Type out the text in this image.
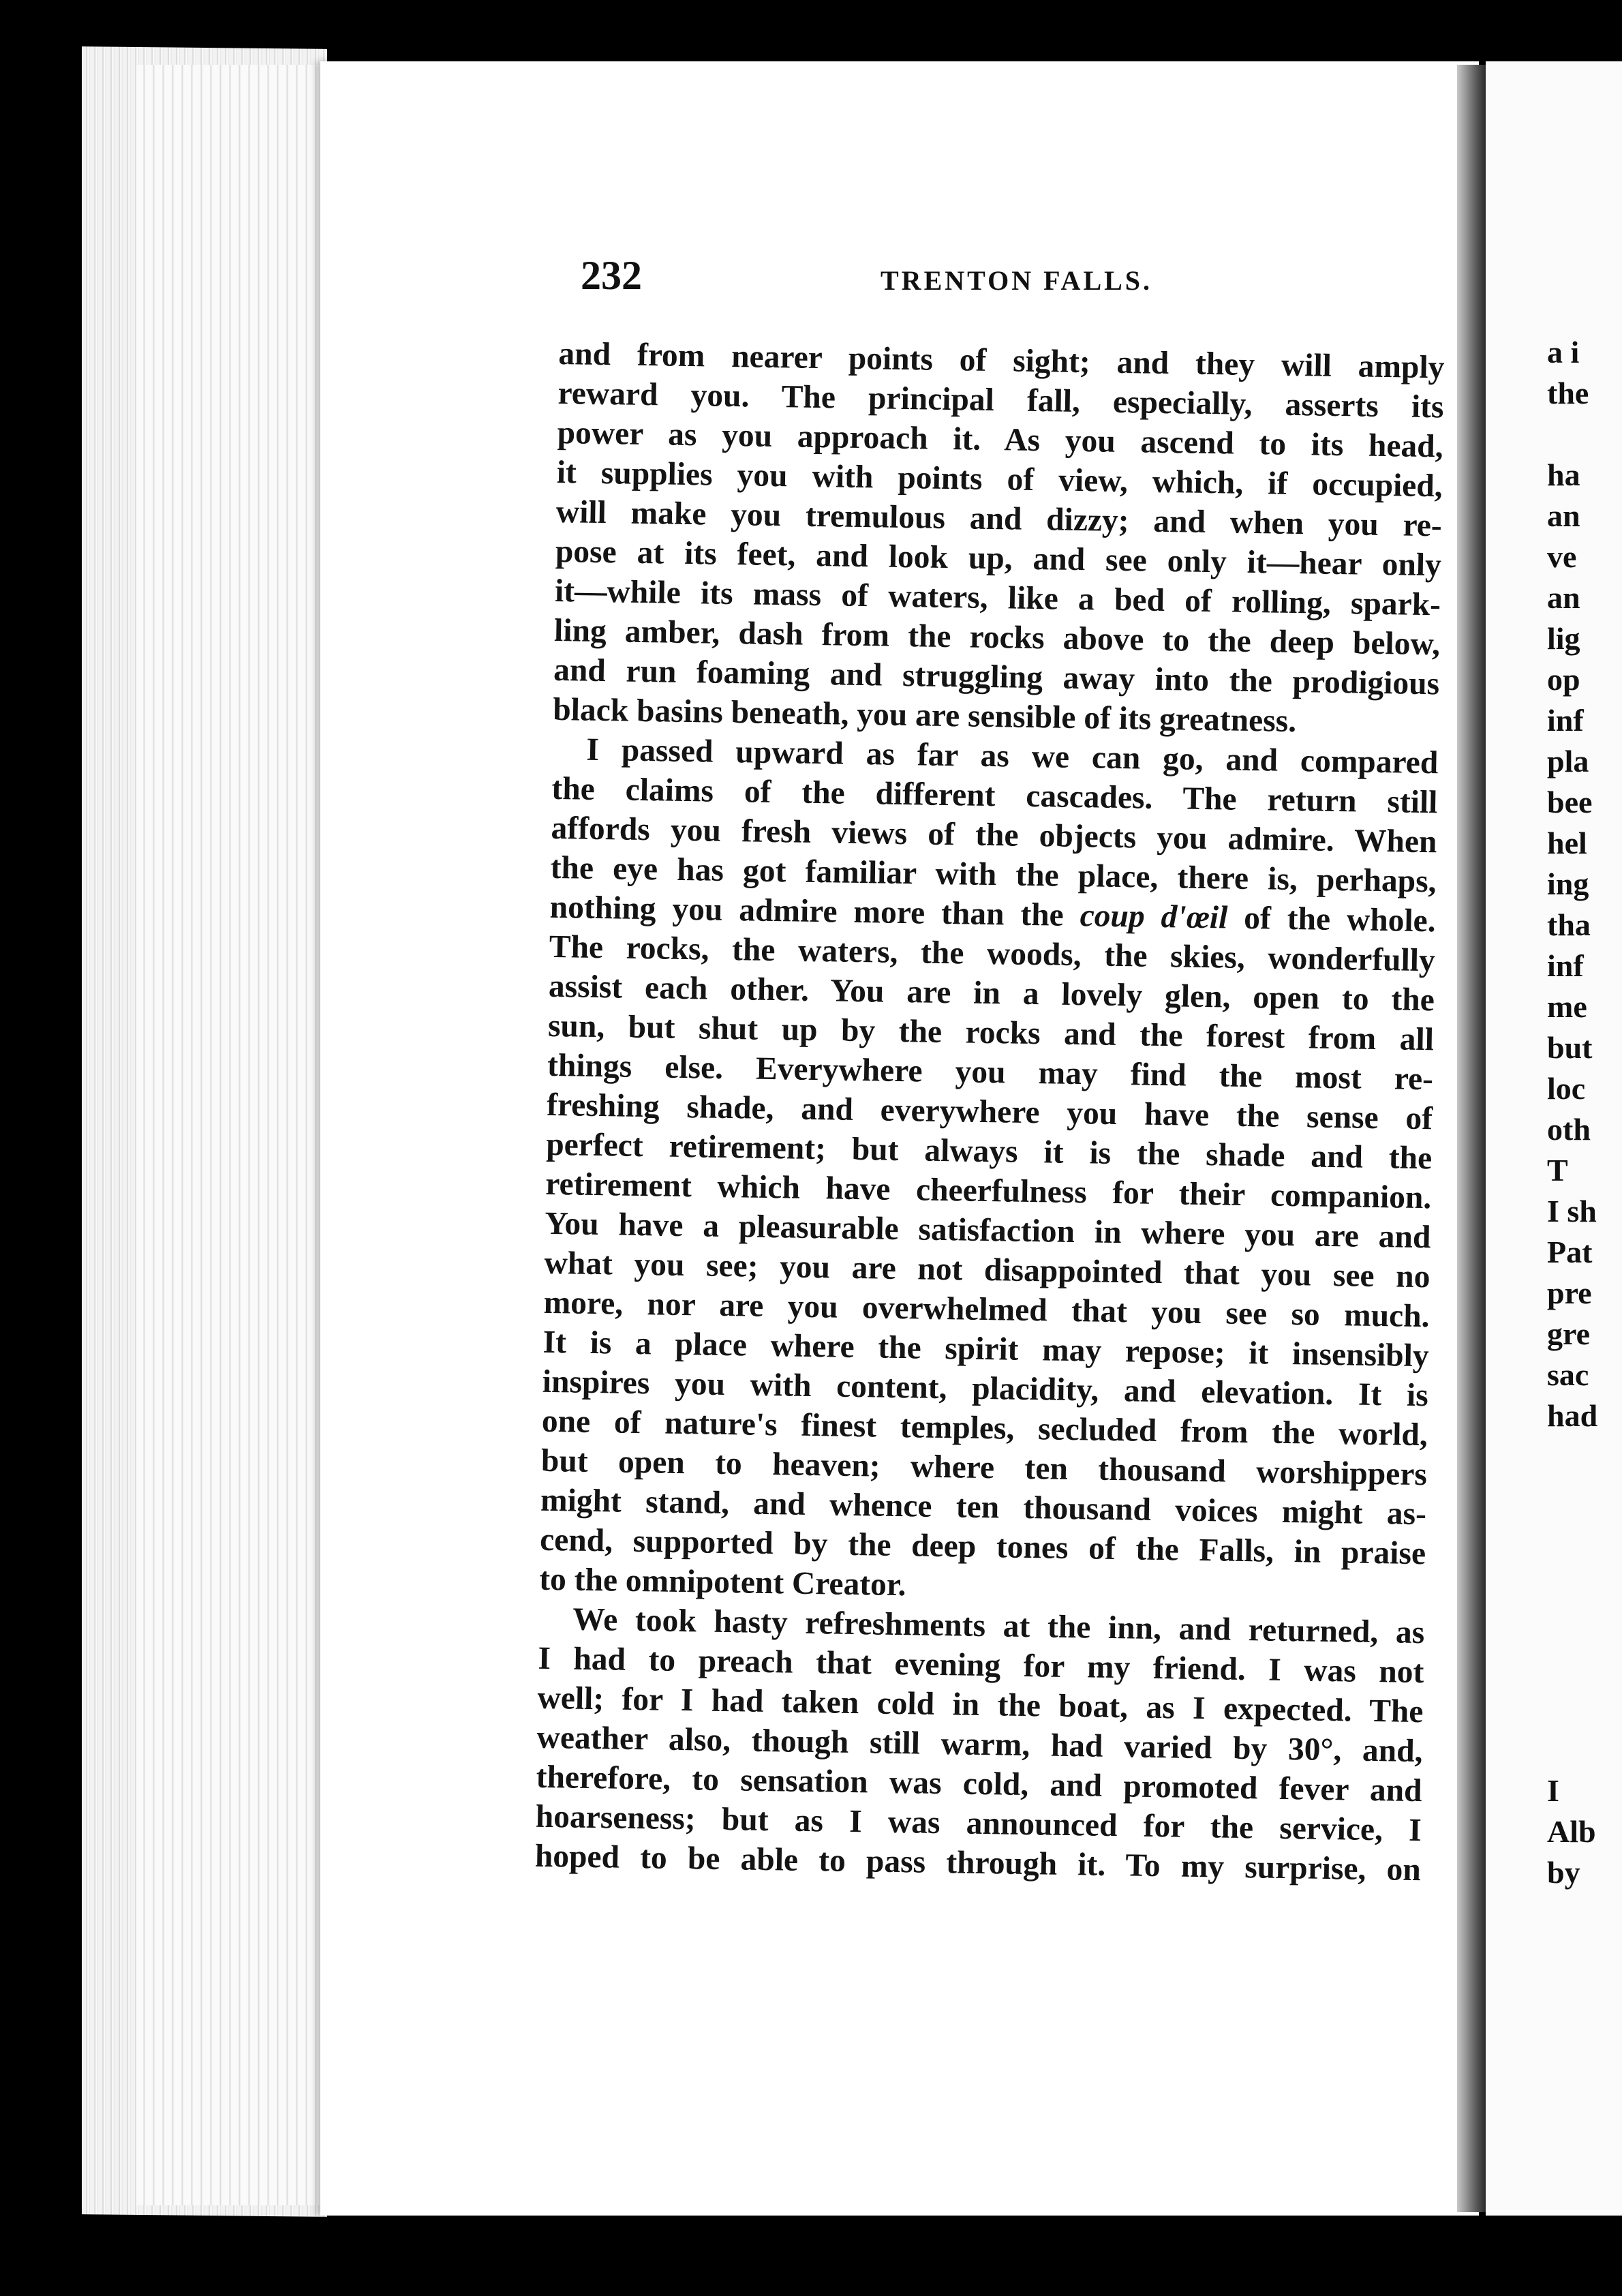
232	TRENTON FALLS.
and from nearer points of sight; and they will amply
reward you. The principal fall, especially, asserts its
power as you approach it. As you ascend to its head,
it supplies you with points of view, which, if occupied,
will make you tremulous and dizzy; and when you re-
pose at its feet, and look up, and see only it—hear only
it—while its mass of waters, like a bed of rolling, spark-
ling amber, dash from the rocks above to the deep below,
and run foaming and struggling away into the prodigious
black basins beneath, you are sensible of its greatness.
I passed upward as far as we can go, and compared
the claims of the different cascades. The return still
affords you fresh views of the objects you admire. When
the eye has got familiar with the place, there is, perhaps,
nothing you admire more than the coup d'œil of the whole.
The rocks, the waters, the woods, the skies, wonderfully
assist each other. You are in a lovely glen, open to the
sun, but shut up by the rocks and the forest from all
things else. Everywhere you may find the most re-
freshing shade, and everywhere you have the sense of
perfect retirement; but always it is the shade and the
retirement which have cheerfulness for their companion.
You have a pleasurable satisfaction in where you are and
what you see; you are not disappointed that you see no
more, nor are you overwhelmed that you see so much.
It is a place where the spirit may repose; it insensibly
inspires you with content, placidity, and elevation. It is
one of nature's finest temples, secluded from the world,
but open to heaven; where ten thousand worshippers
might stand, and whence ten thousand voices might as-
cend, supported by the deep tones of the Falls, in praise
to the omnipotent Creator.
We took hasty refreshments at the inn, and returned, as
I had to preach that evening for my friend. I was not
well; for I had taken cold in the boat, as I expected. The
weather also, though still warm, had varied by 30°, and,
therefore, to sensation was cold, and promoted fever and
hoarseness; but as I was announced for the service, I
hoped to be able to pass through it. To my surprise, on
a i
the
ha
an
ve
an
lig
op
inf
pla
bee
hel
ing
tha
inf
me
but
loc
oth
T
I sh
Pat
pre
gre
sac
had
I
Alb
by
